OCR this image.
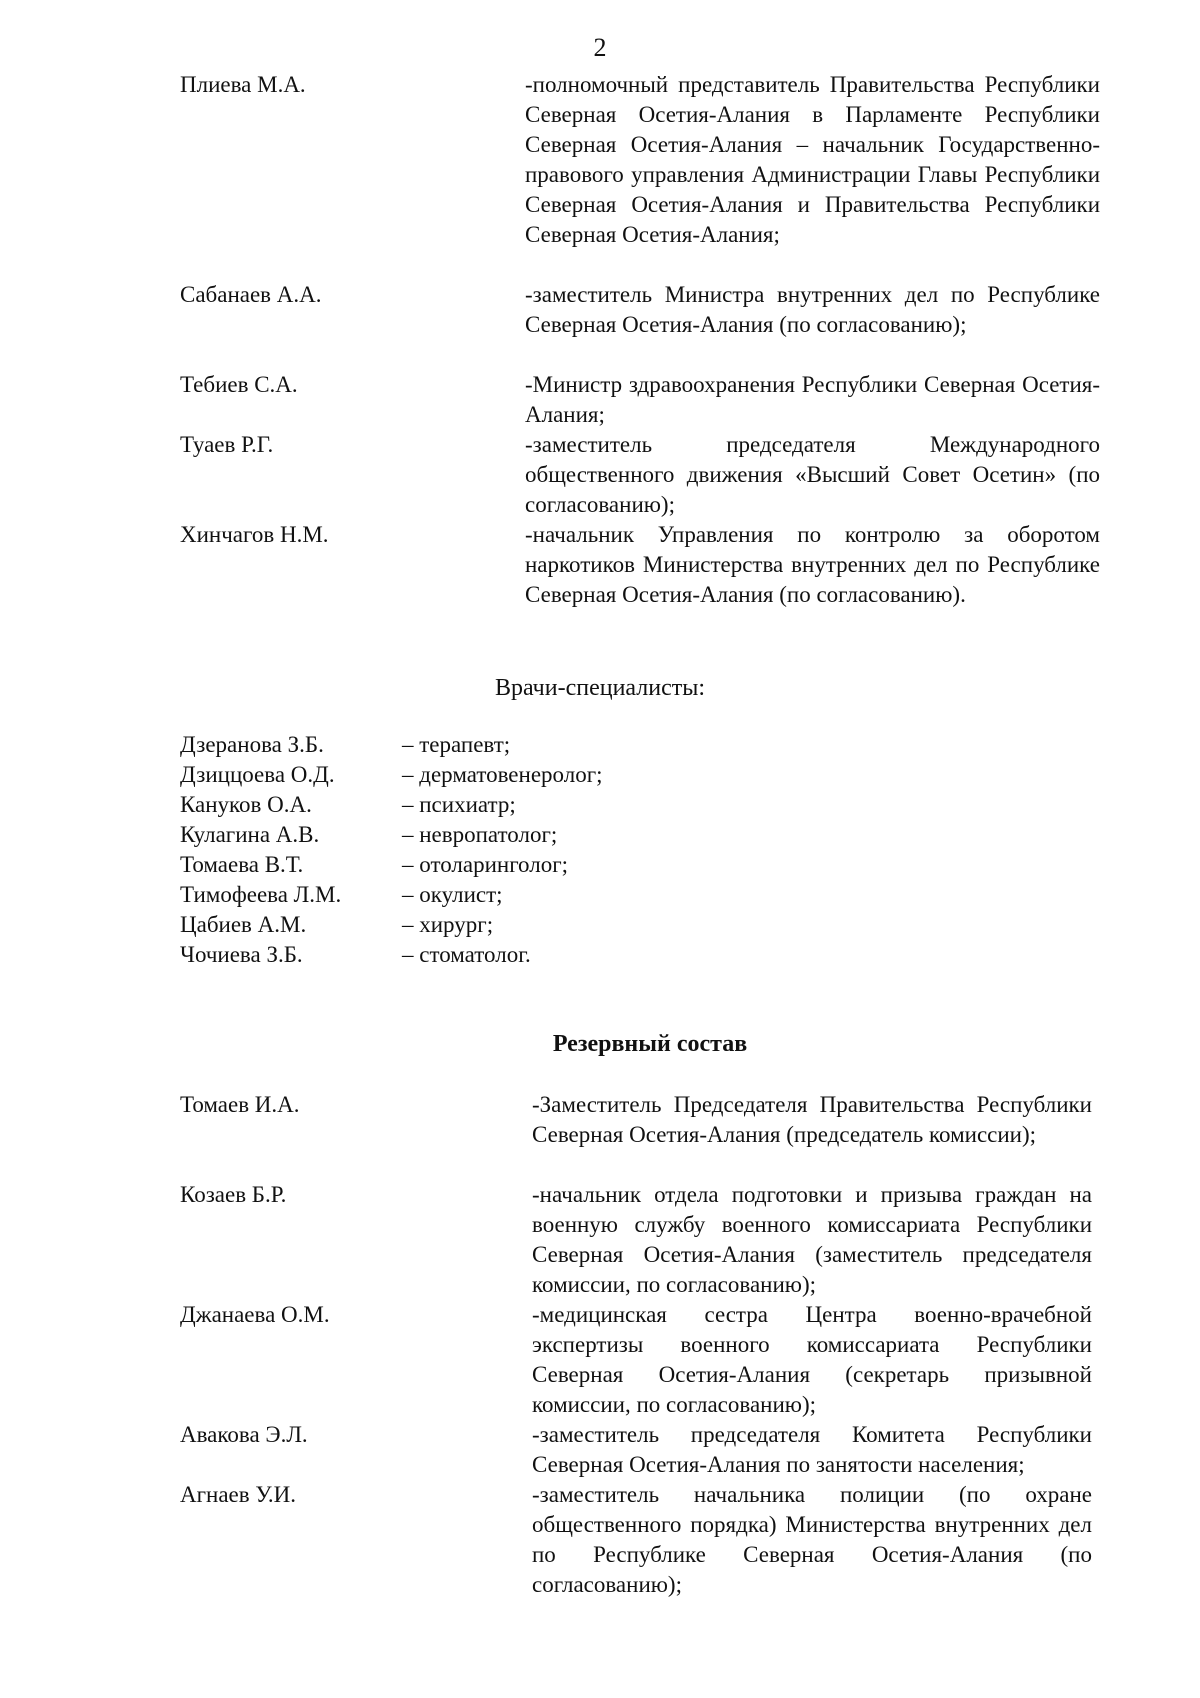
2
Плиева М.А.	-полномочный представитель Правительства Республики Северная Осетия-Алания в Парламенте Республики Северная Осетия-Алания – начальник Государственно-правового управления Администрации Главы Республики Северная Осетия-Алания и Правительства Республики Северная Осетия-Алания;
Сабанаев А.А.	-заместитель Министра внутренних дел по Республике Северная Осетия-Алания (по согласованию);
Тебиев С.А.	-Министр здравоохранения Республики Северная Осетия-Алания;
Туаев Р.Г.	-заместитель председателя Международного общественного движения «Высший Совет Осетин» (по согласованию);
Хинчагов Н.М.	-начальник Управления по контролю за оборотом наркотиков Министерства внутренних дел по Республике Северная Осетия-Алания (по согласованию).
Врачи-специалисты:
Дзеранова З.Б.	– терапевт;
Дзиццоева О.Д.	– дерматовенеролог;
Кануков О.А.	– психиатр;
Кулагина А.В.	– невропатолог;
Томаева В.Т.	– отоларинголог;
Тимофеева Л.М.	– окулист;
Цабиев А.М.	– хирург;
Чочиева З.Б.	– стоматолог.
Резервный состав
Томаев И.А.	-Заместитель Председателя Правительства Республики Северная Осетия-Алания (председатель комиссии);
Козаев Б.Р.	-начальник отдела подготовки и призыва граждан на военную службу военного комиссариата Республики Северная Осетия-Алания (заместитель председателя комиссии, по согласованию);
Джанаева О.М.	-медицинская сестра Центра военно-врачебной экспертизы военного комиссариата Республики Северная Осетия-Алания (секретарь призывной комиссии, по согласованию);
Авакова Э.Л.	-заместитель председателя Комитета Республики Северная Осетия-Алания по занятости населения;
Агнаев У.И.	-заместитель начальника полиции (по охране общественного порядка) Министерства внутренних дел по Республике Северная Осетия-Алания (по согласованию);
